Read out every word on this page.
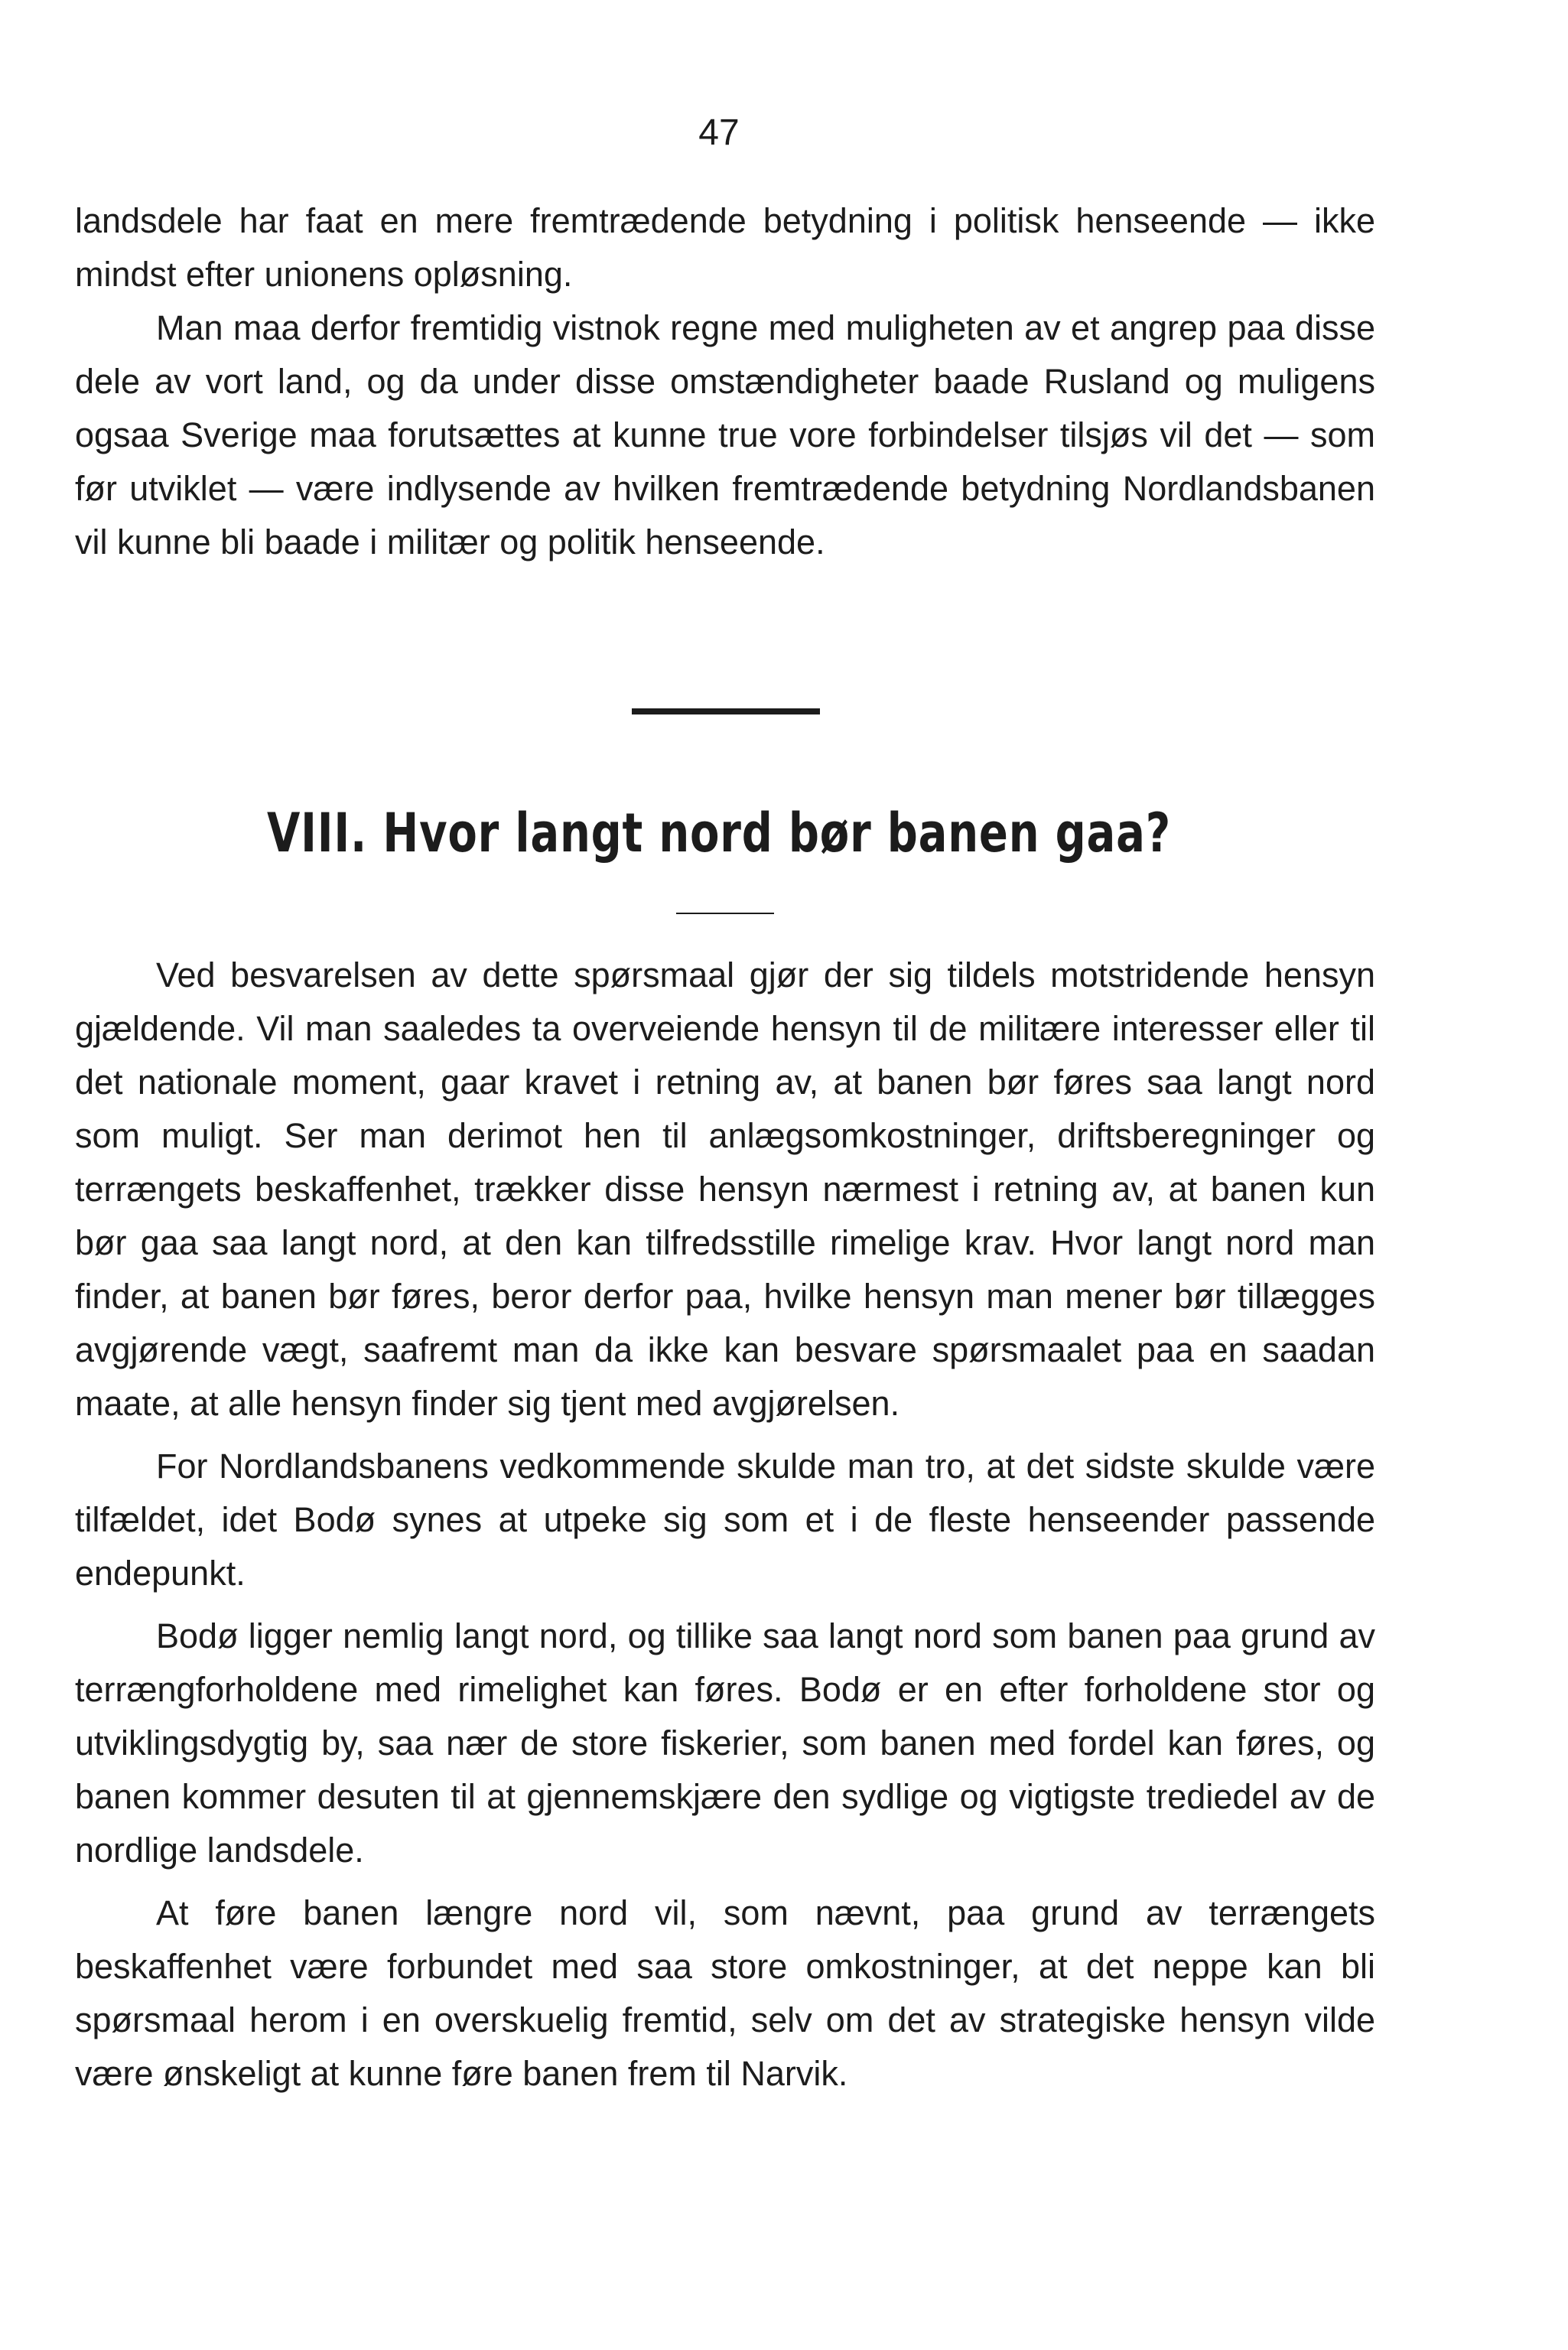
47

landsdele har faat en mere fremtrædende betydning i politisk henseende — ikke mindst efter unionens opløsning.

Man maa derfor fremtidig vistnok regne med muligheten av et angrep paa disse dele av vort land, og da under disse omstændigheter baade Rusland og muligens ogsaa Sverige maa forutsættes at kunne true vore forbindelser tilsjøs vil det — som før utviklet — være indlysende av hvilken fremtrædende betydning Nordlandsbanen vil kunne bli baade i militær og politik henseende.

VIII. Hvor langt nord bør banen gaa?

Ved besvarelsen av dette spørsmaal gjør der sig tildels motstridende hensyn gjældende. Vil man saaledes ta overveiende hensyn til de militære interesser eller til det nationale moment, gaar kravet i retning av, at banen bør føres saa langt nord som muligt. Ser man derimot hen til anlægsomkostninger, driftsberegninger og terrængets beskaffenhet, trækker disse hensyn nærmest i retning av, at banen kun bør gaa saa langt nord, at den kan tilfredsstille rimelige krav. Hvor langt nord man finder, at banen bør føres, beror derfor paa, hvilke hensyn man mener bør tillægges avgjørende vægt, saafremt man da ikke kan besvare spørsmaalet paa en saadan maate, at alle hensyn finder sig tjent med avgjørelsen.

For Nordlandsbanens vedkommende skulde man tro, at det sidste skulde være tilfældet, idet Bodø synes at utpeke sig som et i de fleste henseender passende endepunkt.

Bodø ligger nemlig langt nord, og tillike saa langt nord som banen paa grund av terrængforholdene med rimelighet kan føres. Bodø er en efter forholdene stor og utviklingsdygtig by, saa nær de store fiskerier, som banen med fordel kan føres, og banen kommer desuten til at gjennemskjære den sydlige og vigtigste trediedel av de nordlige landsdele.

At føre banen længre nord vil, som nævnt, paa grund av terrængets beskaffenhet være forbundet med saa store omkostninger, at det neppe kan bli spørsmaal herom i en overskuelig fremtid, selv om det av strategiske hensyn vilde være ønskeligt at kunne føre banen frem til Narvik.
